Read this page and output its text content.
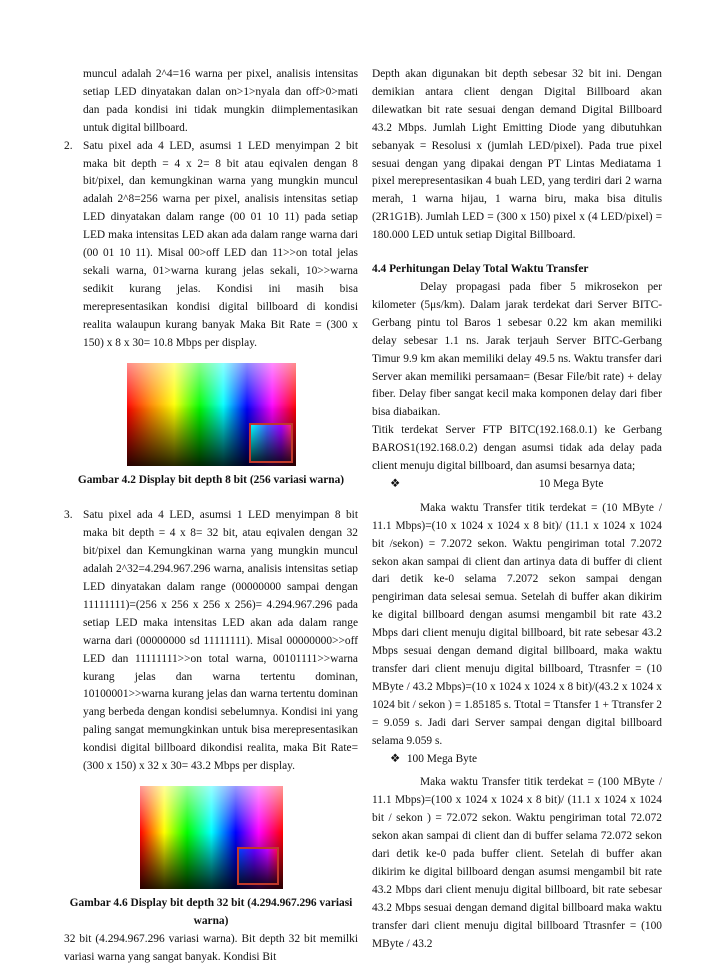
muncul adalah 2^4=16 warna per pixel, analisis intensitas setiap LED dinyatakan dalan on>1>nyala dan off>0>mati dan pada kondisi ini tidak mungkin diimplementasikan untuk digital billboard.

2. Satu pixel ada 4 LED, asumsi 1 LED menyimpan 2 bit maka bit depth = 4 x 2= 8 bit atau eqivalen dengan 8 bit/pixel, dan kemungkinan warna yang mungkin muncul adalah 2^8=256 warna per pixel, analisis intensitas setiap LED dinyatakan dalam range (00 01 10 11) pada setiap LED maka intensitas LED akan ada dalam range warna dari (00 01 10 11). Misal 00>off LED dan 11>>on total jelas sekali warna, 01>warna kurang jelas sekali, 10>>warna sedikit kurang jelas. Kondisi ini masih bisa merepresentasikan kondisi digital billboard di kondisi realita walaupun kurang banyak Maka Bit Rate = (300 x 150) x 8 x 30= 10.8 Mbps per display.

Gambar 4.2 Display bit depth 8 bit (256 variasi warna)

3. Satu pixel ada 4 LED, asumsi 1 LED menyimpan 8 bit maka bit depth = 4 x 8= 32 bit, atau eqivalen dengan 32 bit/pixel dan Kemungkinan warna yang mungkin muncul adalah 2^32=4.294.967.296 warna, analisis intensitas setiap LED dinyatakan dalam range (00000000 sampai dengan 11111111)=(256 x 256 x 256 x 256)= 4.294.967.296 pada setiap LED maka intensitas LED akan ada dalam range warna dari (00000000 sd 11111111). Misal 00000000>>off LED dan 11111111>>on total warna, 00101111>>warna kurang jelas dan warna tertentu dominan, 10100001>>warna kurang jelas dan warna tertentu dominan yang berbeda dengan kondisi sebelumnya. Kondisi ini yang paling sangat memungkinkan untuk bisa merepresentasikan kondisi digital billboard dikondisi realita, maka Bit Rate= (300 x 150) x 32 x 30= 43.2 Mbps per display.

Gambar 4.6 Display bit depth 32 bit (4.294.967.296 variasi warna)

32 bit (4.294.967.296 variasi warna). Bit depth 32 bit memilki variasi warna yang sangat banyak. Kondisi Bit

Depth akan digunakan bit depth sebesar 32 bit ini. Dengan demikian antara client dengan Digital Billboard akan dilewatkan bit rate sesuai dengan demand Digital Billboard 43.2 Mbps. Jumlah Light Emitting Diode yang dibutuhkan sebanyak = Resolusi x (jumlah LED/pixel). Pada true pixel sesuai dengan yang dipakai dengan PT Lintas Mediatama 1 pixel merepresentasikan 4 buah LED, yang terdiri dari 2 warna merah, 1 warna hijau, 1 warna biru, maka bisa ditulis (2R1G1B). Jumlah LED = (300 x 150) pixel x (4 LED/pixel) = 180.000 LED untuk setiap Digital Billboard.

4.4 Perhitungan Delay Total Waktu Transfer

Delay propagasi pada fiber 5 mikrosekon per kilometer (5μs/km). Dalam jarak terdekat dari Server BITC-Gerbang pintu tol Baros 1 sebesar 0.22 km akan memiliki delay sebesar 1.1 ns. Jarak terjauh Server BITC-Gerbang Timur 9.9 km akan memiliki delay 49.5 ns. Waktu transfer dari Server akan memiliki persamaan= (Besar File/bit rate) + delay fiber. Delay fiber sangat kecil maka komponen delay dari fiber bisa diabaikan.

Titik terdekat Server FTP BITC(192.168.0.1) ke Gerbang BAROS1(192.168.0.2) dengan asumsi tidak ada delay pada client menuju digital billboard, dan asumsi besarnya data;

❖	10 Mega Byte

Maka waktu Transfer titik terdekat = (10 MByte / 11.1 Mbps)=(10 x 1024 x 1024 x 8 bit)/ (11.1 x 1024 x 1024 bit /sekon) = 7.2072 sekon. Waktu pengiriman total 7.2072 sekon akan sampai di client dan artinya data di buffer di client dari detik ke-0 selama 7.2072 sekon sampai dengan pengiriman data selesai semua. Setelah di buffer akan dikirim ke digital billboard dengan asumsi mengambil bit rate 43.2 Mbps dari client menuju digital billboard, bit rate sebesar 43.2 Mbps sesuai dengan demand digital billboard, maka waktu transfer dari client menuju digital billboard, Ttrasnfer = (10 MByte / 43.2 Mbps)=(10 x 1024 x 1024 x 8 bit)/(43.2 x 1024 x 1024 bit / sekon ) = 1.85185 s. Ttotal = Ttansfer 1 + Ttransfer 2 = 9.059 s. Jadi dari Server sampai dengan digital billboard selama 9.059 s.

❖ 100 Mega Byte

Maka waktu Transfer titik terdekat = (100 MByte / 11.1 Mbps)=(100 x 1024 x 1024 x 8 bit)/ (11.1 x 1024 x 1024 bit / sekon ) = 72.072 sekon. Waktu pengiriman total 72.072 sekon akan sampai di client dan di buffer selama 72.072 sekon dari detik ke-0 pada buffer client. Setelah di buffer akan dikirim ke digital billboard dengan asumsi mengambil bit rate 43.2 Mbps dari client menuju digital billboard, bit rate sebesar 43.2 Mbps sesuai dengan demand digital billboard maka waktu transfer dari client menuju digital billboard Ttrasnfer = (100 MByte / 43.2
